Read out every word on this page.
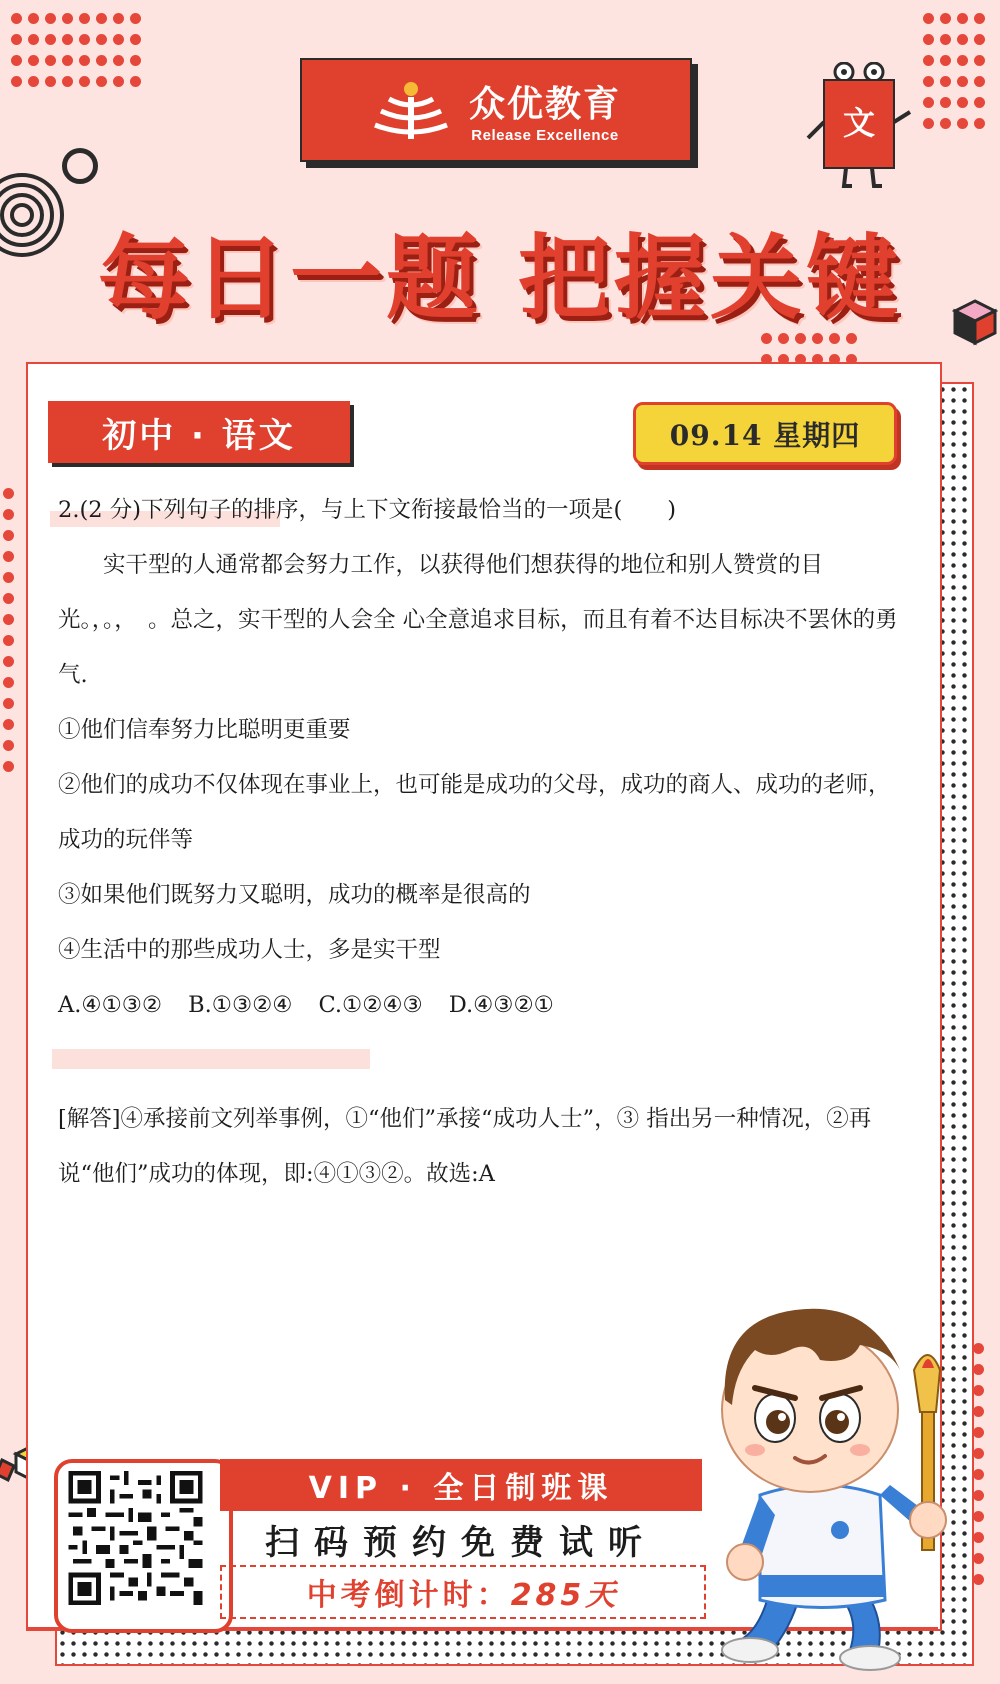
众优教育
Release Excellence	文
每日一题 把握关键
初中 · 语文	09.14 星期四
2.(2 分)下列句子的排序，与上下文衔接最恰当的一项是(　　)

实干型的人通常都会努力工作，以获得他们想获得的地位和别人赞赏的目光。，。，　。总之，实干型的人会全 心全意追求目标，而且有着不达目标决不罢休的勇气.

①他们信奉努力比聪明更重要

②他们的成功不仅体现在事业上，也可能是成功的父母，成功的商人、成功的老师，成功的玩伴等

③如果他们既努力又聪明，成功的概率是很高的

④生活中的那些成功人士，多是实干型

A.④①③② B.①③②④ C.①②④③ D.④③②①

[解答]④承接前文列举事例，①“他们”承接“成功人士”，③ 指出另一种情况，②再说“他们”成功的体现，即:④①③②。故选:A

VIP · 全日制班课
扫码预约免费试听
中考倒计时： 285天
